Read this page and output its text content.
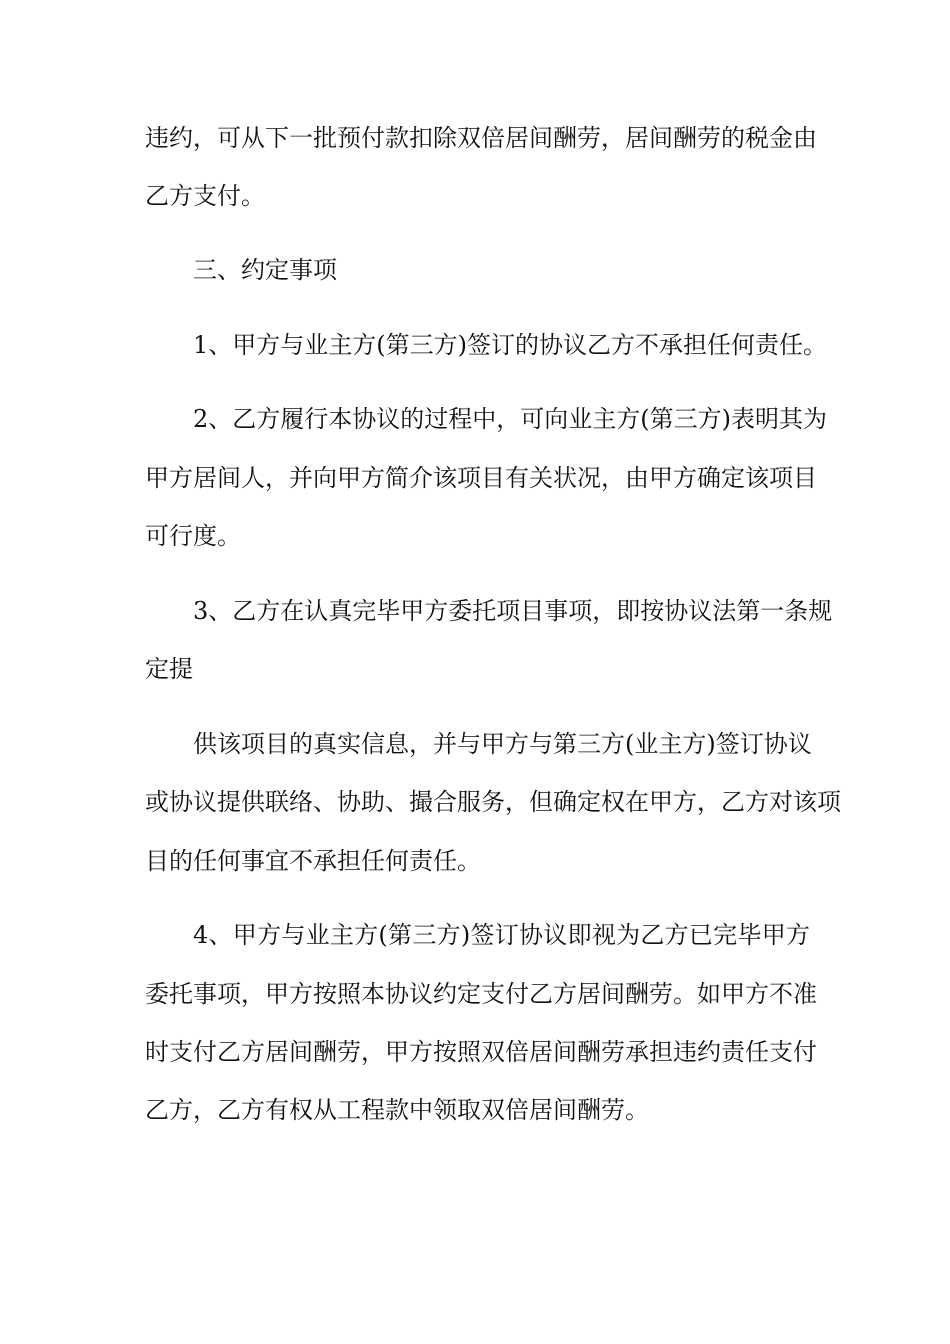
违约，可从下一批预付款扣除双倍居间酬劳，居间酬劳的税金由

乙方支付。

三、约定事项

1、甲方与业主方(第三方)签订的协议乙方不承担任何责任。

2、乙方履行本协议的过程中，可向业主方(第三方)表明其为

甲方居间人，并向甲方简介该项目有关状况，由甲方确定该项目

可行度。

3、乙方在认真完毕甲方委托项目事项，即按协议法第一条规

定提

供该项目的真实信息，并与甲方与第三方(业主方)签订协议

或协议提供联络、协助、撮合服务，但确定权在甲方，乙方对该项

目的任何事宜不承担任何责任。

4、甲方与业主方(第三方)签订协议即视为乙方已完毕甲方

委托事项，甲方按照本协议约定支付乙方居间酬劳。如甲方不准

时支付乙方居间酬劳，甲方按照双倍居间酬劳承担违约责任支付

乙方，乙方有权从工程款中领取双倍居间酬劳。
